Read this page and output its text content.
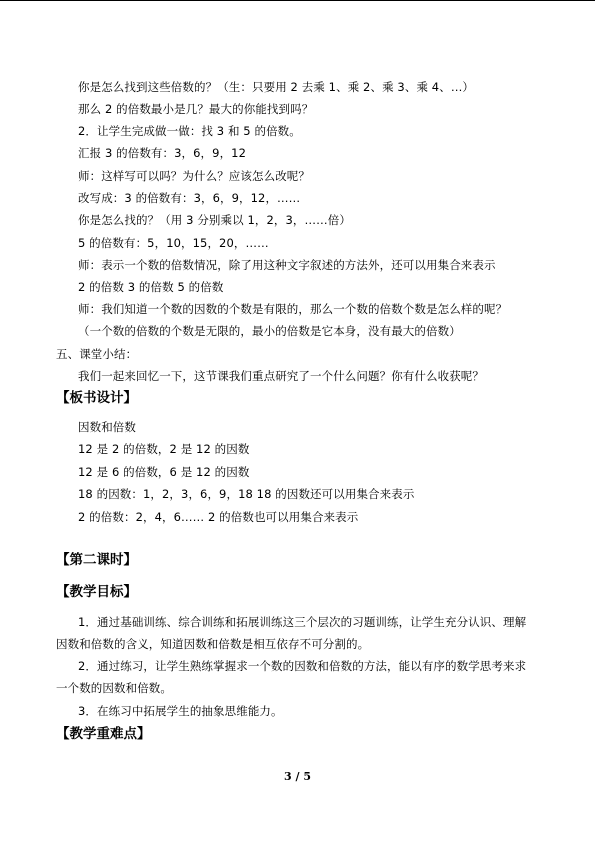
你是怎么找到这些倍数的？（生：只要用 2 去乘 1、乘 2、乘 3、乘 4、…）
那么 2 的倍数最小是几？最大的你能找到吗？
2．让学生完成做一做：找 3 和 5 的倍数。
汇报 3 的倍数有：3，6，9，12
师：这样写可以吗？为什么？应该怎么改呢？
改写成：3 的倍数有：3，6，9，12，……
你是怎么找的？（用 3 分别乘以 1，2，3，……倍）
5 的倍数有：5，10，15，20，……
师：表示一个数的倍数情况，除了用这种文字叙述的方法外，还可以用集合来表示
2 的倍数 3 的倍数 5 的倍数
师：我们知道一个数的因数的个数是有限的，那么一个数的倍数个数是怎么样的呢？
（一个数的倍数的个数是无限的，最小的倍数是它本身，没有最大的倍数）
五、课堂小结：
我们一起来回忆一下，这节课我们重点研究了一个什么问题？你有什么收获呢？
【板书设计】
因数和倍数
12 是 2 的倍数，2 是 12 的因数
12 是 6 的倍数，6 是 12 的因数
18 的因数：1，2，3，6，9，18 18 的因数还可以用集合来表示
2 的倍数：2，4，6…… 2 的倍数也可以用集合来表示
【第二课时】
【教学目标】
1．通过基础训练、综合训练和拓展训练这三个层次的习题训练，让学生充分认识、理解
因数和倍数的含义，知道因数和倍数是相互依存不可分割的。
2．通过练习，让学生熟练掌握求一个数的因数和倍数的方法，能以有序的数学思考来求
一个数的因数和倍数。
3．在练习中拓展学生的抽象思维能力。
【教学重难点】
3 / 5
